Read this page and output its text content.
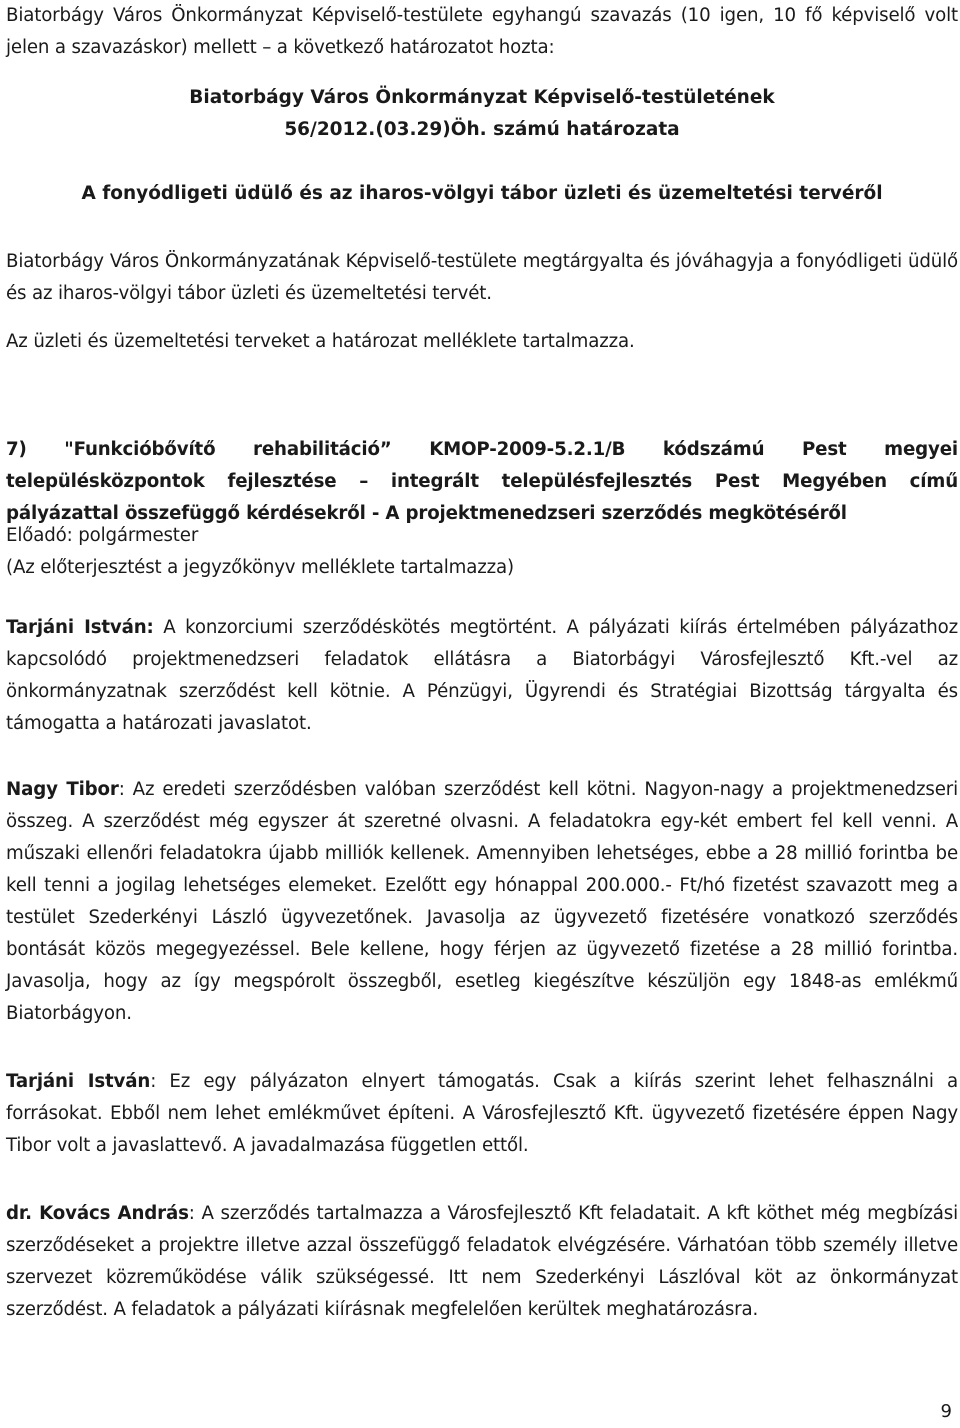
Biatorbágy Város Önkormányzat Képviselő-testülete egyhangú szavazás (10 igen, 10 fő képviselő volt jelen a szavazáskor) mellett – a következő határozatot hozta:

Biatorbágy Város Önkormányzat Képviselő-testületének

56/2012.(03.29)Öh. számú határozata

A fonyódligeti üdülő és az iharos-völgyi tábor üzleti és üzemeltetési tervéről

Biatorbágy Város Önkormányzatának Képviselő-testülete megtárgyalta és jóváhagyja a fonyódligeti üdülő és az iharos-völgyi tábor üzleti és üzemeltetési tervét.

Az üzleti és üzemeltetési terveket a határozat melléklete tartalmazza.

7) "Funkcióbővítő rehabilitáció” KMOP-2009-5.2.1/B kódszámú Pest megyei településközpontok fejlesztése – integrált településfejlesztés Pest Megyében című pályázattal összefüggő kérdésekről - A projektmenedzseri szerződés megkötéséről

Előadó: polgármester

(Az előterjesztést a jegyzőkönyv melléklete tartalmazza)

Tarjáni István: A konzorciumi szerződéskötés megtörtént. A pályázati kiírás értelmében pályázathoz kapcsolódó projektmenedzseri feladatok ellátásra a Biatorbágyi Városfejlesztő Kft.-vel az önkormányzatnak szerződést kell kötnie. A Pénzügyi, Ügyrendi és Stratégiai Bizottság tárgyalta és támogatta a határozati javaslatot.

Nagy Tibor: Az eredeti szerződésben valóban szerződést kell kötni. Nagyon-nagy a projektmenedzseri összeg. A szerződést még egyszer át szeretné olvasni. A feladatokra egy-két embert fel kell venni. A műszaki ellenőri feladatokra újabb milliók kellenek. Amennyiben lehetséges, ebbe a 28 millió forintba be kell tenni a jogilag lehetséges elemeket. Ezelőtt egy hónappal 200.000.- Ft/hó fizetést szavazott meg a testület Szederkényi László ügyvezetőnek. Javasolja az ügyvezető fizetésére vonatkozó szerződés bontását közös megegyezéssel. Bele kellene, hogy férjen az ügyvezető fizetése a 28 millió forintba. Javasolja, hogy az így megspórolt összegből, esetleg kiegészítve készüljön egy 1848-as emlékmű Biatorbágyon.

Tarjáni István: Ez egy pályázaton elnyert támogatás. Csak a kiírás szerint lehet felhasználni a forrásokat. Ebből nem lehet emlékművet építeni. A Városfejlesztő Kft. ügyvezető fizetésére éppen Nagy Tibor volt a javaslattevő. A javadalmazása független ettől.

dr. Kovács András: A szerződés tartalmazza a Városfejlesztő Kft feladatait. A kft köthet még megbízási szerződéseket a projektre illetve azzal összefüggő feladatok elvégzésére. Várhatóan több személy illetve szervezet közreműködése válik szükségessé. Itt nem Szederkényi Lászlóval köt az önkormányzat szerződést. A feladatok a pályázati kiírásnak megfelelően kerültek meghatározásra.

9
